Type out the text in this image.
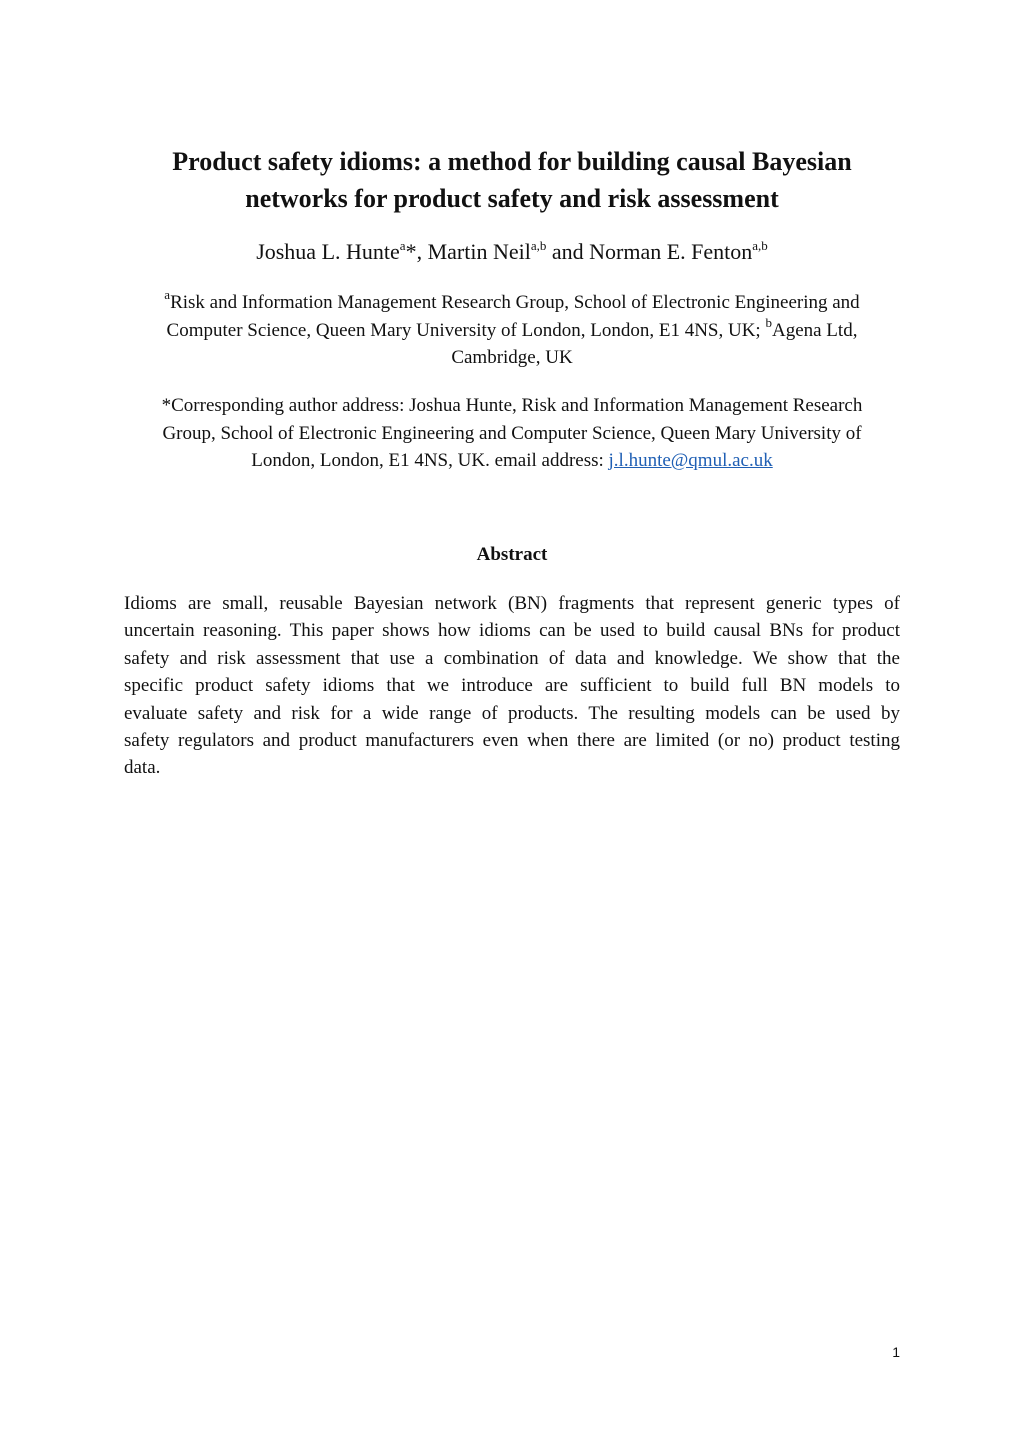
Product safety idioms: a method for building causal Bayesian
networks for product safety and risk assessment

Joshua L. Hunte$^a$*, Martin Neil$^{a,b}$ and Norman E. Fenton$^{a,b}$

$^a$Risk and Information Management Research Group, School of Electronic Engineering and
Computer Science, Queen Mary University of London, London, E1 4NS, UK; $^b$Agena Ltd,
Cambridge, UK

*Corresponding author address: Joshua Hunte, Risk and Information Management Research
Group, School of Electronic Engineering and Computer Science, Queen Mary University of
London, London, E1 4NS, UK. email address: j.l.hunte@qmul.ac.uk

Abstract
Idioms are small, reusable Bayesian network (BN) fragments that represent generic types of
uncertain reasoning. This paper shows how idioms can be used to build causal BNs for product
safety and risk assessment that use a combination of data and knowledge. We show that the
specific product safety idioms that we introduce are sufficient to build full BN models to
evaluate safety and risk for a wide range of products. The resulting models can be used by
safety regulators and product manufacturers even when there are limited (or no) product testing
data.
1
